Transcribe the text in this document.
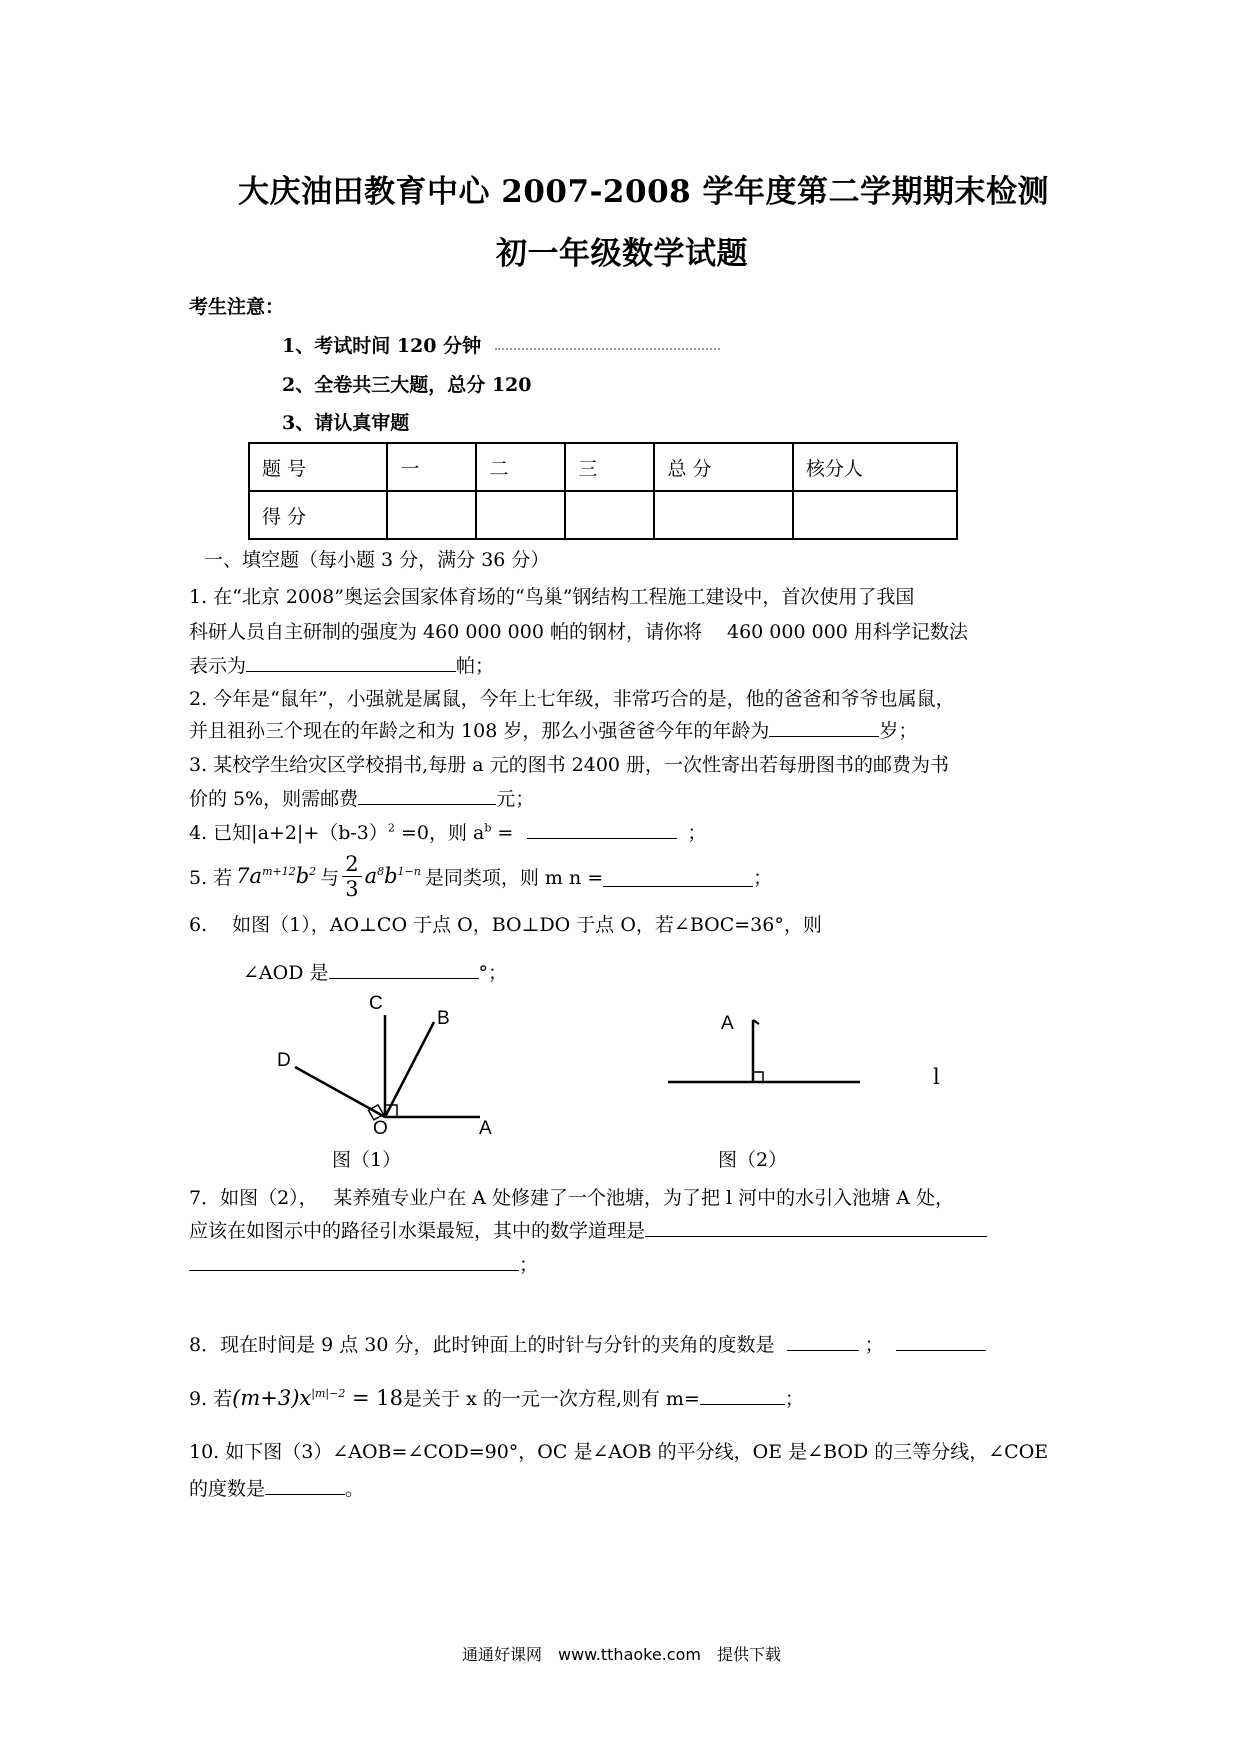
大庆油田教育中心 2007-2008 学年度第二学期期末检测
初一年级数学试题
考生注意：
1、考试时间 120 分钟
2、全卷共三大题，总分 120
3、请认真审题
题 号	一	二	三	总 分	核分人
得 分					
一、填空题（每小题 3 分，满分 36 分）
1. 在“北京 2008”奥运会国家体育场的“鸟巢”钢结构工程施工建设中，首次使用了我国
科研人员自主研制的强度为 460 000 000 帕的钢材，请你将　 460 000 000 用科学记数法
表示为	帕；
2. 今年是“鼠年”，小强就是属鼠，今年上七年级，非常巧合的是，他的爸爸和爷爷也属鼠，
并且祖孙三个现在的年龄之和为 108 岁，那么小强爸爸今年的年龄为	岁；
3. 某校学生给灾区学校捐书,每册 a 元的图书 2400 册，一次性寄出若每册图书的邮费为书
价的 5%，则需邮费	元；
4. 已知$|a+2|+(b-3)^2 =0$，则 $a^b$ =	；
5. 若 $7a^{m+12}b^2$ 与 $\frac{2}{3} a^8b^{1-n}$ 是同类项，则 m n =	；
6.　 如图（1），AO⊥CO 于点 O，BO⊥DO 于点 O，若∠BOC=36°，则
∠AOD 是	°；
C
B
D
O	A
图（1）
A
l
图（2）
7．如图（2），　 某养殖专业户在 A 处修建了一个池塘，为了把 l 河中的水引入池塘 A 处，
应该在如图示中的路径引水渠最短，其中的数学道理是
；
8．现在时间是 9 点 30 分，此时钟面上的时针与分针的夹角的度数是	；
9. 若$(m+3)x^{|m|-2} = 18$是关于 x 的一元一次方程,则有 m=	；
10. 如下图（3）∠AOB=∠COD=90°，OC 是∠AOB 的平分线，OE 是∠BOD 的三等分线，∠COE
的度数是	。
通通好课网　www.tthaoke.com　提供下载
